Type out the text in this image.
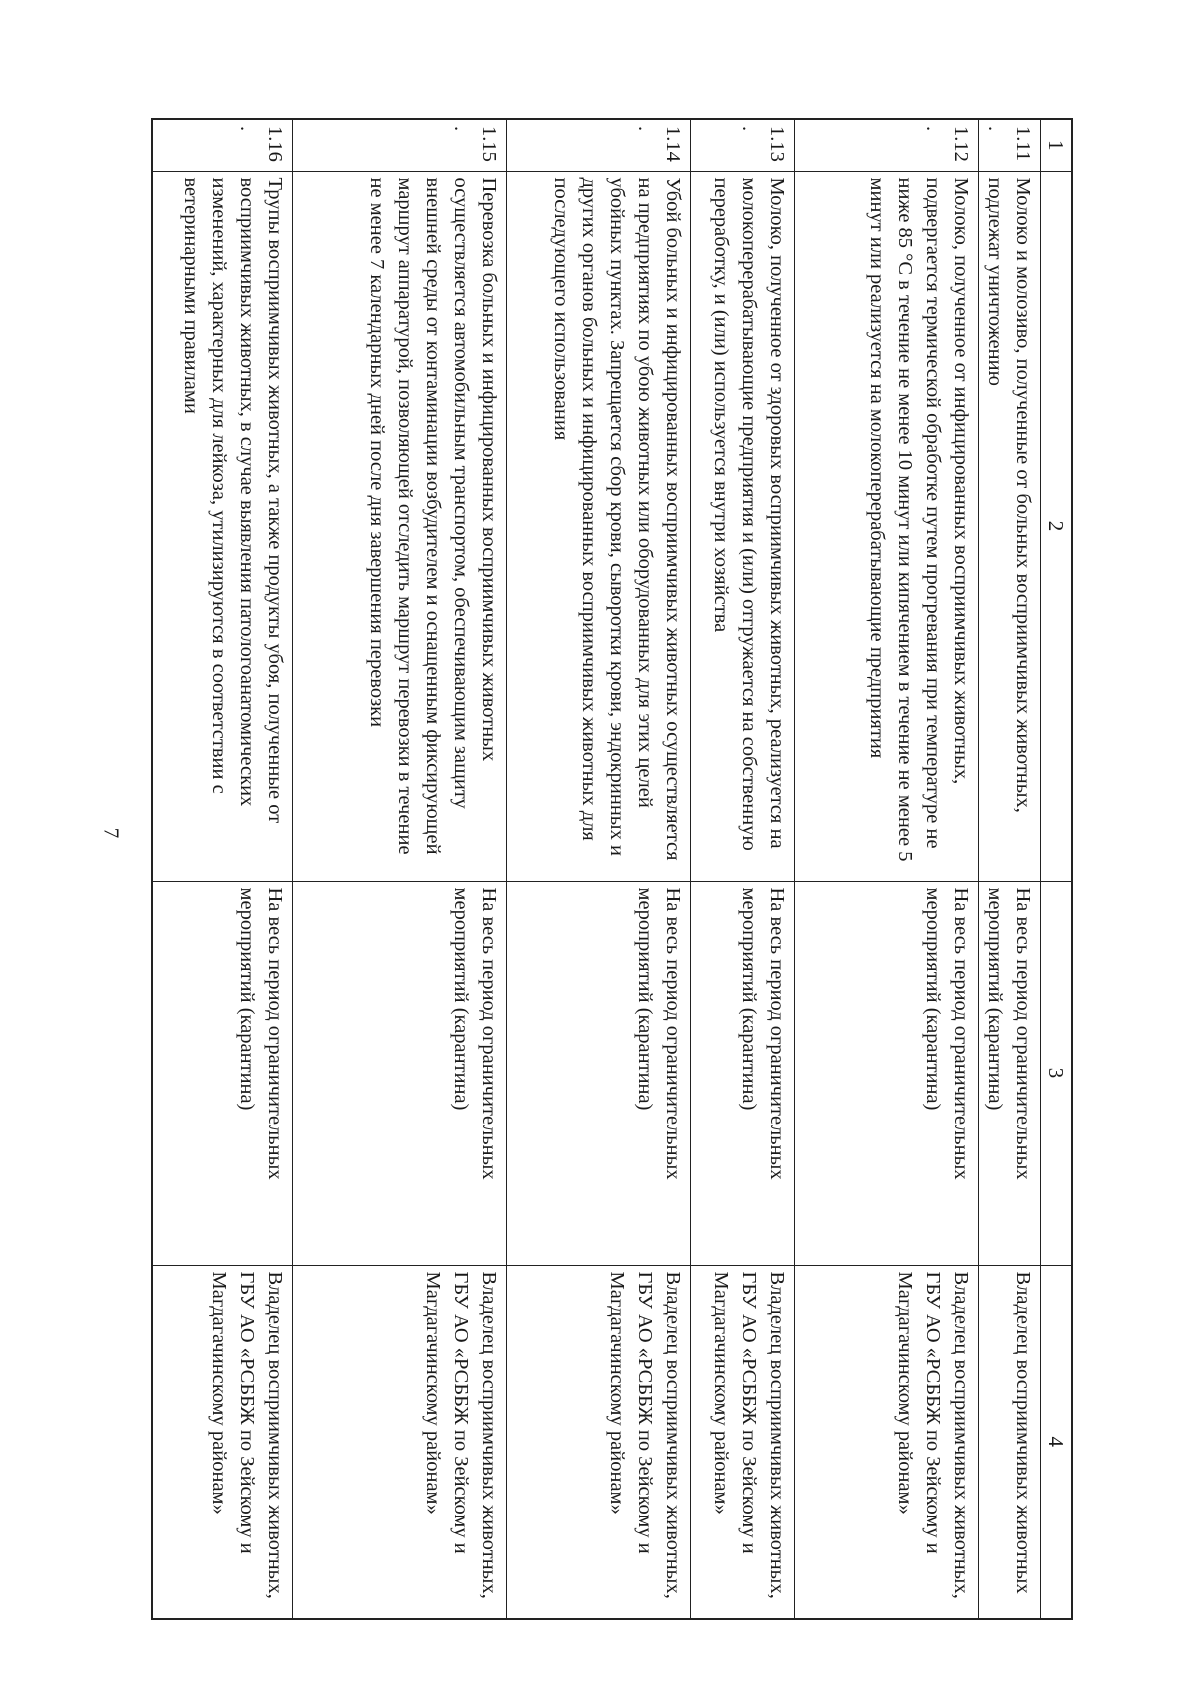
7
1	2	3	4
1.11.	Молоко и молозиво, полученные от больных восприимчивых животных, подлежат уничтожению	На весь период ограничительных мероприятий (карантина)	Владелец восприимчивых животных
1.12.	Молоко, полученное от инфицированных восприимчивых животных, подвергается термической обработке путем прогревания при температуре не ниже 85 °С в течение не менее 10 минут или кипячением в течение не менее 5 минут или реализуется на молокоперерабатывающие предприятия	На весь период ограничительных мероприятий (карантина)	Владелец восприимчивых животных, ГБУ АО «РСББЖ по Зейскому и Магдагачинскому районам»
1.13.	Молоко, полученное от здоровых восприимчивых животных, реализуется на молокоперерабатывающие предприятия и (или) отгружается на собственную переработку, и (или) используется внутри хозяйства	На весь период ограничительных мероприятий (карантина)	Владелец восприимчивых животных, ГБУ АО «РСББЖ по Зейскому и Магдагачинскому районам»
1.14.	Убой больных и инфицированных восприимчивых животных осуществляется на предприятиях по убою животных или оборудованных для этих целей убойных пунктах. Запрещается сбор крови, сыворотки крови, эндокринных и других органов больных и инфицированных восприимчивых животных для последующего использования	На весь период ограничительных мероприятий (карантина)	Владелец восприимчивых животных, ГБУ АО «РСББЖ по Зейскому и Магдагачинскому районам»
1.15.	Перевозка больных и инфицированных восприимчивых животных осуществляется автомобильным транспортом, обеспечивающим защиту внешней среды от контаминации возбудителем и оснащенным фиксирующей маршрут аппаратурой, позволяющей отследить маршрут перевозки в течение не менее 7 календарных дней после дня завершения перевозки	На весь период ограничительных мероприятий (карантина)	Владелец восприимчивых животных, ГБУ АО «РСББЖ по Зейскому и Магдагачинскому районам»
1.16.	Трупы восприимчивых животных, а также продукты убоя, полученные от восприимчивых животных, в случае выявления патологоанатомических изменений, характерных для лейкоза, утилизируются в соответствии с ветеринарными правилами	На весь период ограничительных мероприятий (карантина)	Владелец восприимчивых животных, ГБУ АО «РСББЖ по Зейскому и Магдагачинскому районам»
